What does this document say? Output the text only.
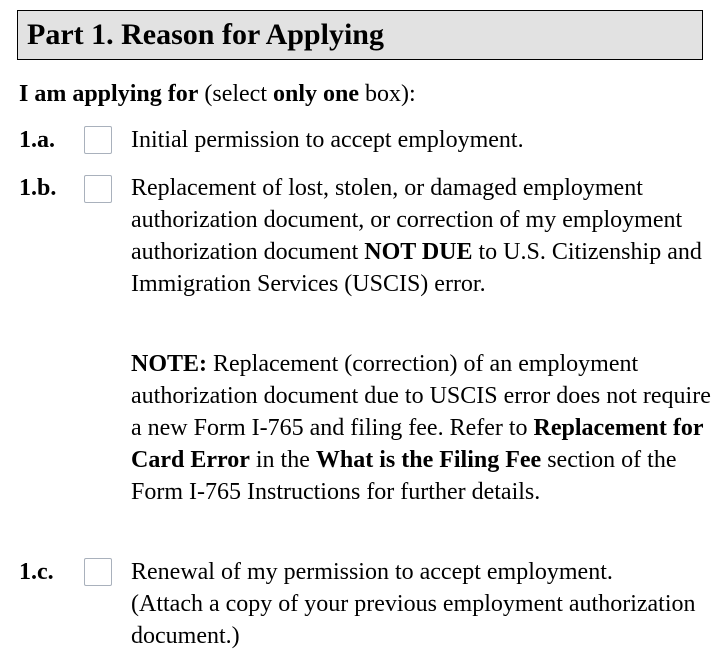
Part 1. Reason for Applying
I am applying for (select only one box):
1.a.	Initial permission to accept employment.

1.b.	Replacement of lost, stolen, or damaged employment authorization document, or correction of my employment authorization document NOT DUE to U.S. Citizenship and Immigration Services (USCIS) error.

NOTE: Replacement (correction) of an employment authorization document due to USCIS error does not require a new Form I-765 and filing fee. Refer to Replacement for Card Error in the What is the Filing Fee section of the Form I-765 Instructions for further details.

1.c.	Renewal of my permission to accept employment.
(Attach a copy of your previous employment authorization document.)
